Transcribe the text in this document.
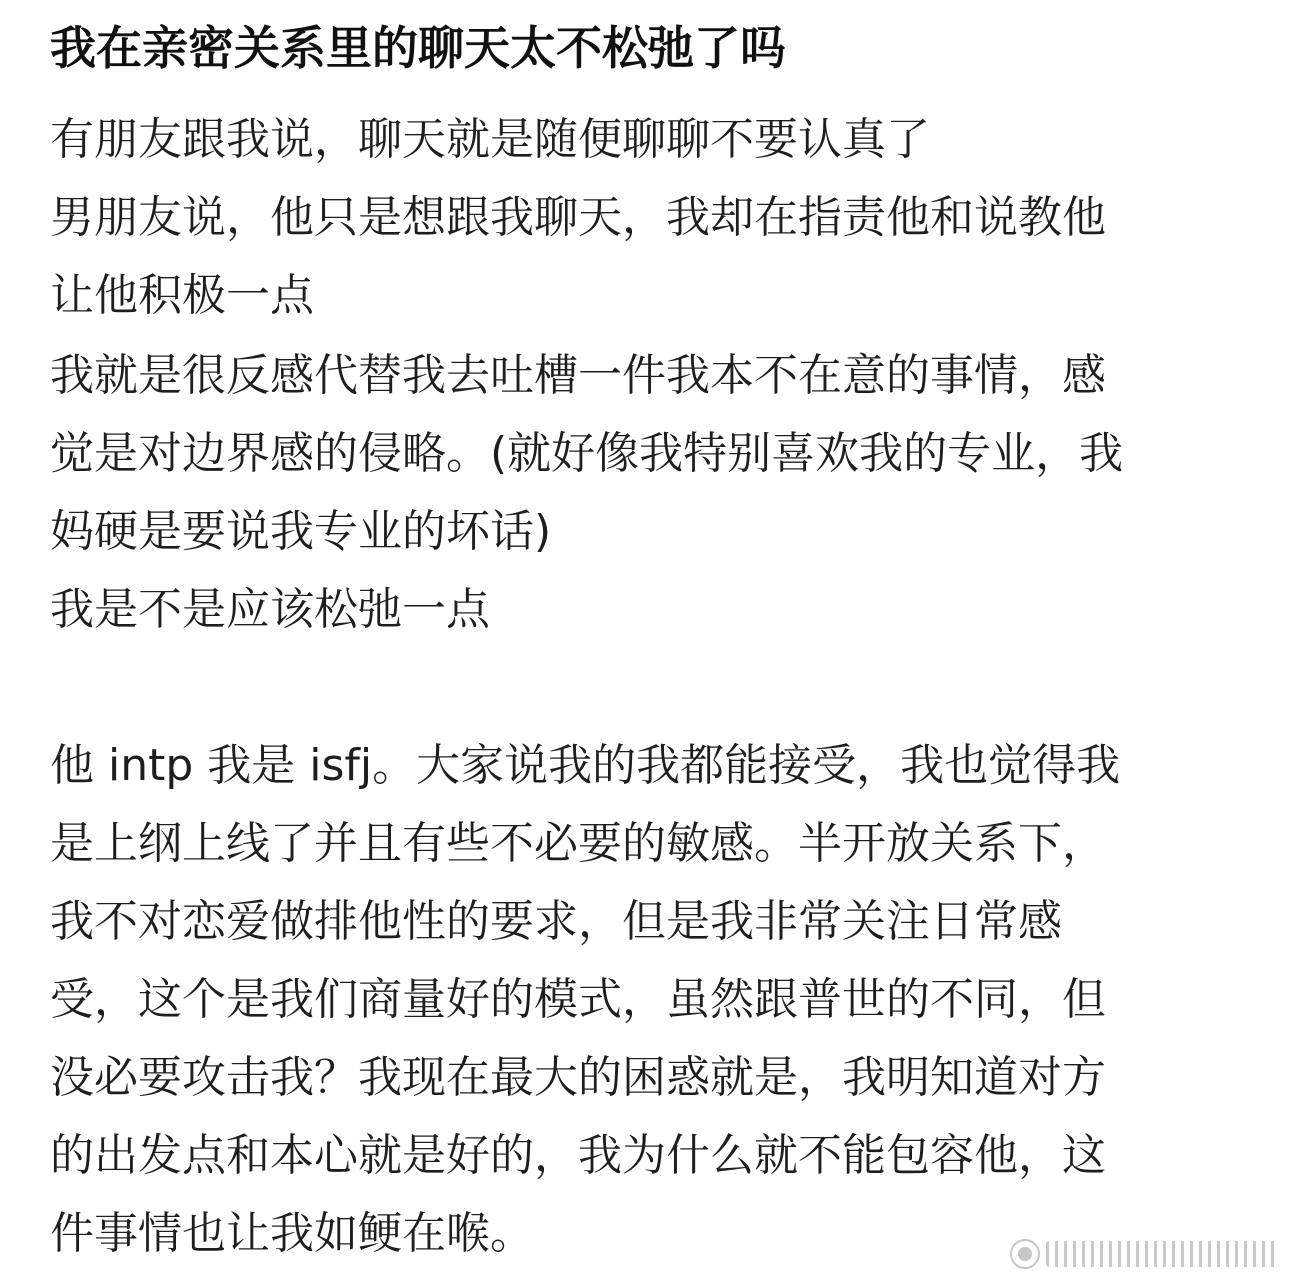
我在亲密关系里的聊天太不松弛了吗

有朋友跟我说，聊天就是随便聊聊不要认真了

男朋友说，他只是想跟我聊天，我却在指责他和说教他

让他积极一点

我就是很反感代替我去吐槽一件我本不在意的事情，感

觉是对边界感的侵略。(就好像我特别喜欢我的专业，我

妈硬是要说我专业的坏话)

我是不是应该松弛一点

他 intp 我是 isfj。大家说我的我都能接受，我也觉得我

是上纲上线了并且有些不必要的敏感。半开放关系下，

我不对恋爱做排他性的要求，但是我非常关注日常感

受，这个是我们商量好的模式，虽然跟普世的不同，但

没必要攻击我？我现在最大的困惑就是，我明知道对方

的出发点和本心就是好的，我为什么就不能包容他，这

件事情也让我如鲠在喉。
